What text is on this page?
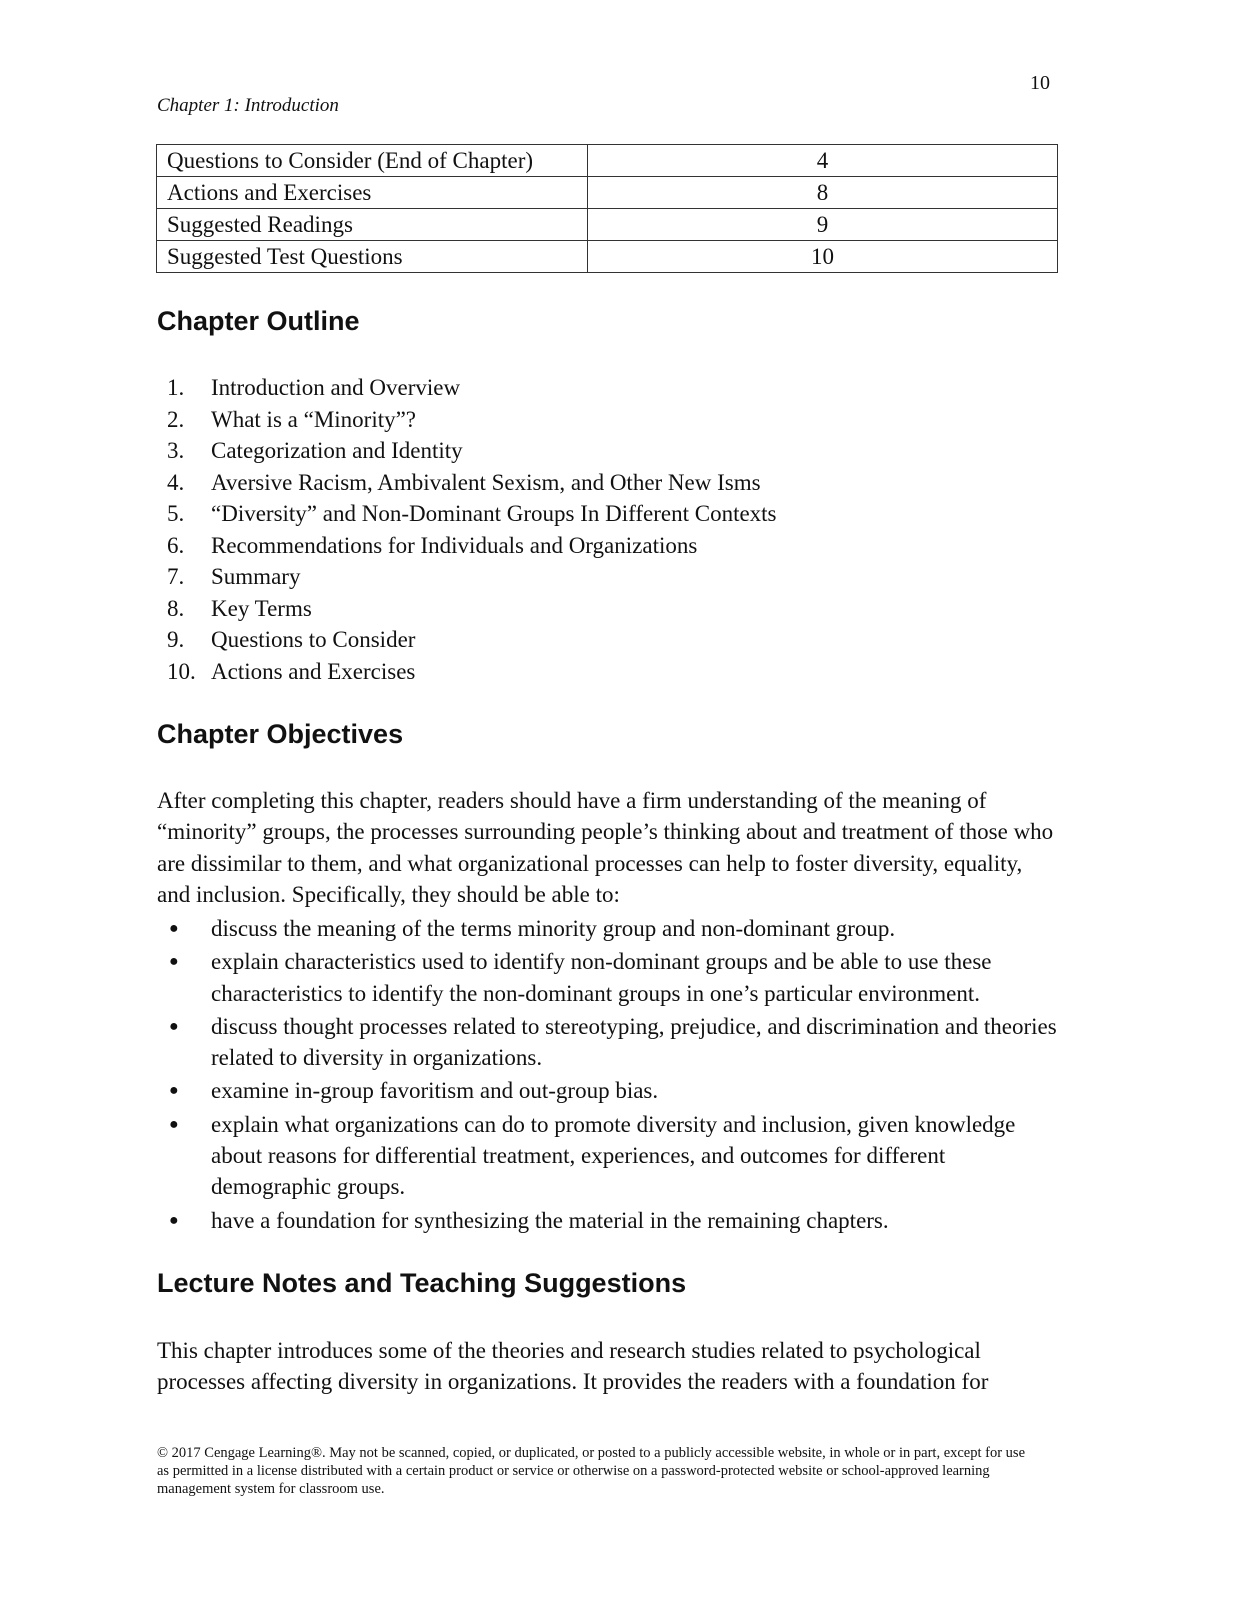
10
Chapter 1: Introduction
Questions to Consider (End of Chapter)	4
Actions and Exercises	8
Suggested Readings	9
Suggested Test Questions	10
Chapter Outline
1. Introduction and Overview
2. What is a “Minority”?
3. Categorization and Identity
4. Aversive Racism, Ambivalent Sexism, and Other New Isms
5. “Diversity” and Non-Dominant Groups In Different Contexts
6. Recommendations for Individuals and Organizations
7. Summary
8. Key Terms
9. Questions to Consider
10. Actions and Exercises
Chapter Objectives

After completing this chapter, readers should have a firm understanding of the meaning of “minority” groups, the processes surrounding people’s thinking about and treatment of those who are dissimilar to them, and what organizational processes can help to foster diversity, equality, and inclusion. Specifically, they should be able to:

● discuss the meaning of the terms minority group and non-dominant group.
● explain characteristics used to identify non-dominant groups and be able to use these characteristics to identify the non-dominant groups in one’s particular environment.
● discuss thought processes related to stereotyping, prejudice, and discrimination and theories related to diversity in organizations.
● examine in-group favoritism and out-group bias.
● explain what organizations can do to promote diversity and inclusion, given knowledge about reasons for differential treatment, experiences, and outcomes for different demographic groups.
● have a foundation for synthesizing the material in the remaining chapters.
Lecture Notes and Teaching Suggestions

This chapter introduces some of the theories and research studies related to psychological processes affecting diversity in organizations. It provides the readers with a foundation for

© 2017 Cengage Learning®. May not be scanned, copied, or duplicated, or posted to a publicly accessible website, in whole or in part, except for use as permitted in a license distributed with a certain product or service or otherwise on a password-protected website or school-approved learning management system for classroom use.
